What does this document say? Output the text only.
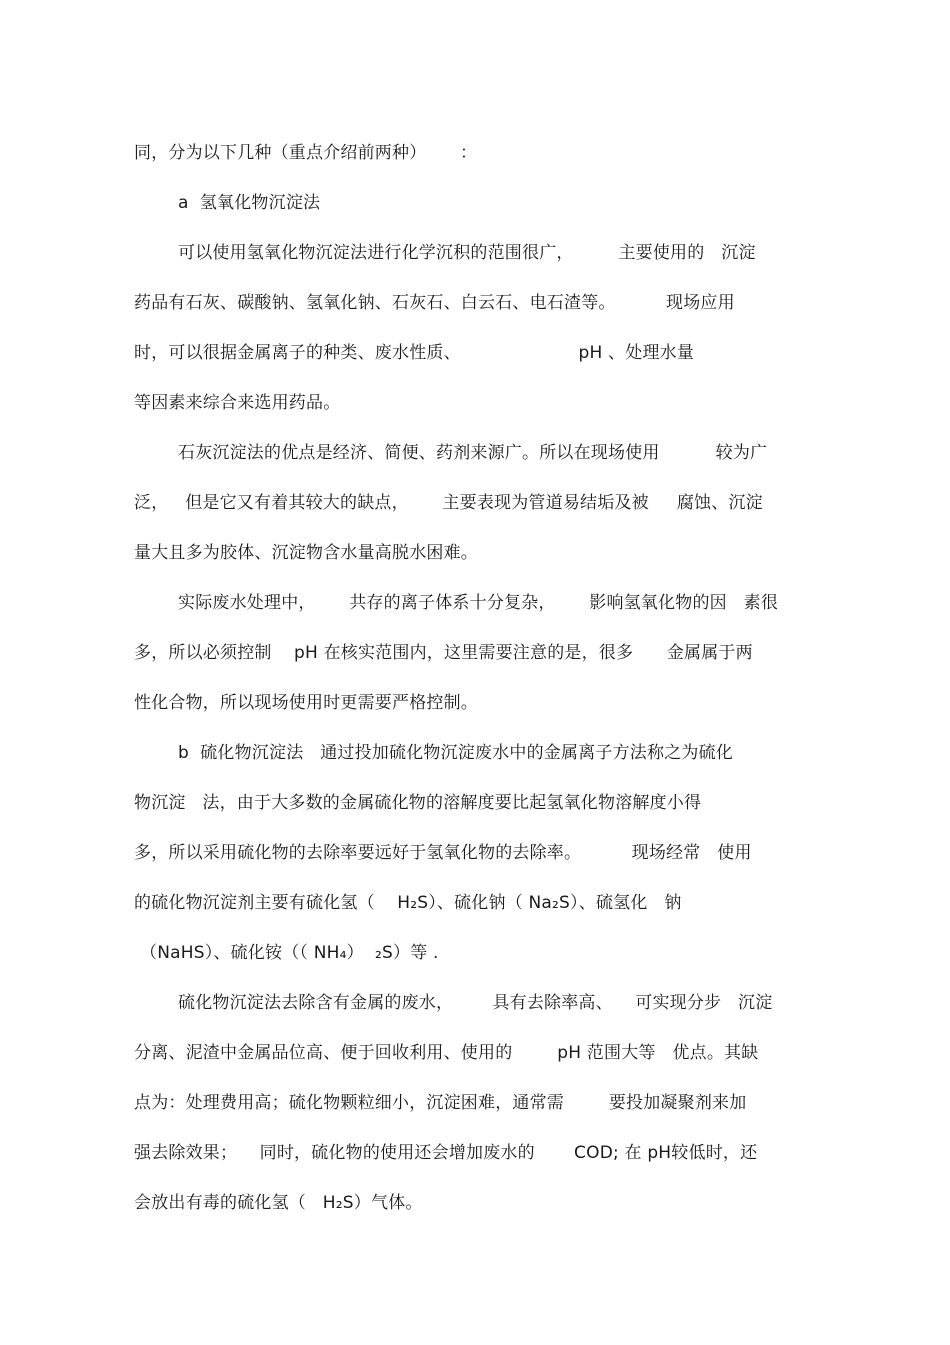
同，分为以下几种（重点介绍前两种）      ：
a  氢氧化物沉淀法
可以使用氢氧化物沉淀法进行化学沉积的范围很广，        主要使用的   沉淀
药品有石灰、碳酸钠、氢氧化钠、石灰石、白云石、电石渣等。         现场应用
时，可以很据金属离子的种类、废水性质、                     pH 、处理水量
等因素来综合来选用药品。
石灰沉淀法的优点是经济、简便、药剂来源广。所以在现场使用          较为广
泛，   但是它又有着其较大的缺点，      主要表现为管道易结垢及被     腐蚀、沉淀
量大且多为胶体、沉淀物含水量高脱水困难。
实际废水处理中，      共存的离子体系十分复杂，      影响氢氧化物的因   素很
多，所以必须控制    pH 在核实范围内，这里需要注意的是，很多      金属属于两
性化合物，所以现场使用时更需要严格控制。
b  硫化物沉淀法   通过投加硫化物沉淀废水中的金属离子方法称之为硫化
物沉淀   法，由于大多数的金属硫化物的溶解度要比起氢氧化物溶解度小得
多，所以采用硫化物的去除率要远好于氢氧化物的去除率。         现场经常   使用
的硫化物沉淀剂主要有硫化氢（    H₂S）、硫化钠（ Na₂S）、硫氢化   钠
（NaHS）、硫化铵（（ NH₄）  ₂S）等 .
硫化物沉淀法去除含有金属的废水，       具有去除率高、    可实现分步   沉淀
分离、泥渣中金属品位高、便于回收利用、使用的        pH 范围大等   优点。其缺
点为：处理费用高；硫化物颗粒细小，沉淀困难，通常需        要投加凝聚剂来加
强去除效果；    同时，硫化物的使用还会增加废水的       COD; 在 pH较低时，还
会放出有毒的硫化氢（   H₂S）气体。
